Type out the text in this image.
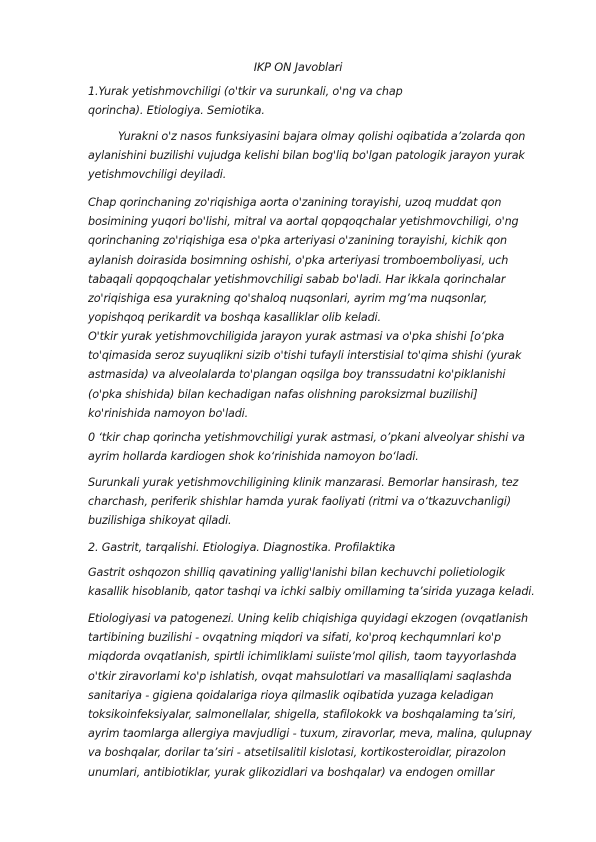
IKP ON Javoblari

1.Yurak yetishmovchiligi (o'tkir va surunkali, o'ng va chap
qorincha). Etiologiya. Semiotika.

Yurakni o'z nasos funksiyasini bajara olmay qolishi oqibatida a’zolarda qon
aylanishini buzilishi vujudga kelishi bilan bog'liq bo'lgan patologik jarayon yurak
yetishmovchiligi deyiladi.

Chap qorinchaning zo'riqishiga aorta o'zanining torayishi, uzoq muddat qon
bosimining yuqori bo'lishi, mitral va aortal qopqoqchalar yetishmovchiligi, o'ng
qorinchaning zo'riqishiga esa o'pka arteriyasi o'zanining torayishi, kichik qon
aylanish doirasida bosimning oshishi, o'pka arteriyasi tromboemboliyasi, uch
tabaqali qopqoqchalar yetishmovchiligi sabab bo'ladi. Har ikkala qorinchalar
zo'riqishiga esa yurakning qo'shaloq nuqsonlari, ayrim mg’ma nuqsonlar,
yopishqoq perikardit va boshqa kasalliklar olib keladi.

O'tkir yurak yetishmovchiligida jarayon yurak astmasi va o'pka shishi [o‘pka
to'qimasida seroz suyuqlikni sizib o'tishi tufayli interstisial to'qima shishi (yurak
astmasida) va alveolalarda to'plangan oqsilga boy transsudatni ko'piklanishi
(o'pka shishida) bilan kechadigan nafas olishning paroksizmal buzilishi]
ko'rinishida namoyon bo'ladi.

0 ‘tkir chap qorincha yetishmovchiligi yurak astmasi, o’pkani alveolyar shishi va
ayrim hollarda kardiogen shok ko‘rinishida namoyon bo‘ladi.

Surunkali yurak yetishmovchiligining klinik manzarasi. Bemorlar hansirash, tez
charchash, periferik shishlar hamda yurak faoliyati (ritmi va o‘tkazuvchanligi)
buzilishiga shikoyat qiladi.

2. Gastrit, tarqalishi. Etiologiya. Diagnostika. Profilaktika

Gastrit oshqozon shilliq qavatining yallig'lanishi bilan kechuvchi polietiologik
kasallik hisoblanib, qator tashqi va ichki salbiy omillaming ta’sirida yuzaga keladi.

Etiologiyasi va patogenezi. Uning kelib chiqishiga quyidagi ekzogen (ovqatlanish
tartibining buzilishi - ovqatning miqdori va sifati, ko'proq kechqumnlari ko'p
miqdorda ovqatlanish, spirtli ichimliklami suiiste’mol qilish, taom tayyorlashda
o'tkir ziravorlami ko'p ishlatish, ovqat mahsulotlari va masalliqlami saqlashda
sanitariya - gigiena qoidalariga rioya qilmaslik oqibatida yuzaga keladigan
toksikoinfeksiyalar, salmonellalar, shigella, stafilokokk va boshqalaming ta’siri,
ayrim taomlarga allergiya mavjudligi - tuxum, ziravorlar, meva, malina, qulupnay
va boshqalar, dorilar ta’siri - atsetilsalitil kislotasi, kortikosteroidlar, pirazolon
unumlari, antibiotiklar, yurak glikozidlari va boshqalar) va endogen omillar
